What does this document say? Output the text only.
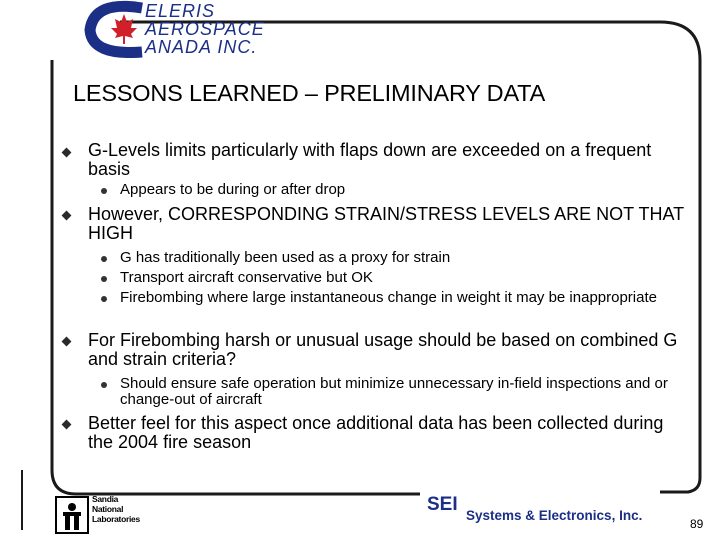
ELERIS
AEROSPACE
ANADA INC.
LESSONS LEARNED – PRELIMINARY DATA
G-Levels limits particularly with flaps down are exceeded on a frequent basis
Appears to be during or after drop
However, CORRESPONDING STRAIN/STRESS LEVELS ARE NOT THAT HIGH
G has traditionally been used as a proxy for strain
Transport aircraft conservative but OK
Firebombing where large instantaneous change in weight it may be inappropriate
For Firebombing harsh or unusual usage should be based on combined G and strain criteria?
Should ensure safe operation but minimize unnecessary in-field inspections and or change-out of aircraft
Better feel for this aspect once additional data has been collected during the 2004 fire season
Sandia
National
Laboratories
SEI
Systems & Electronics, Inc.
89
